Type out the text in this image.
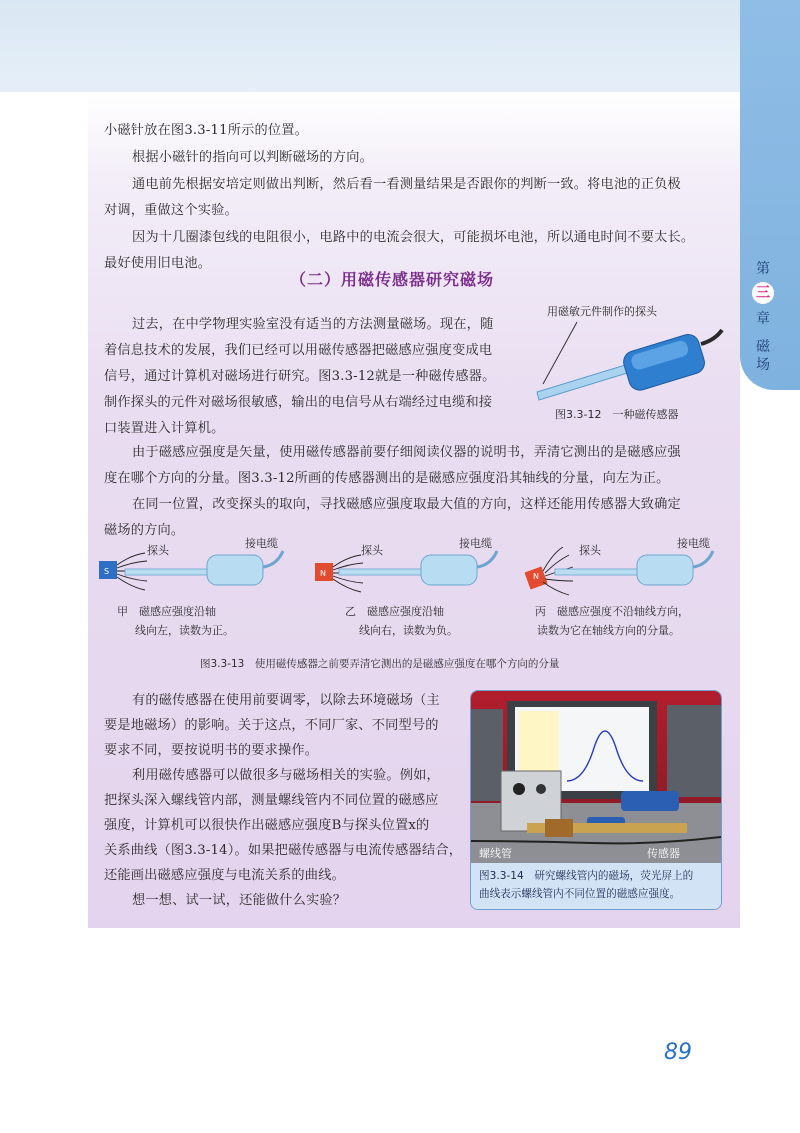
第
三
章
磁
场
小磁针放在图3.3-11所示的位置。
根据小磁针的指向可以判断磁场的方向。
通电前先根据安培定则做出判断，然后看一看测量结果是否跟你的判断一致。将电池的正负极
对调，重做这个实验。
因为十几圈漆包线的电阻很小，电路中的电流会很大，可能损坏电池，所以通电时间不要太长。
最好使用旧电池。
（二）用磁传感器研究磁场
过去，在中学物理实验室没有适当的方法测量磁场。现在，随
着信息技术的发展，我们已经可以用磁传感器把磁感应强度变成电
信号，通过计算机对磁场进行研究。图3.3-12就是一种磁传感器。
制作探头的元件对磁场很敏感，输出的电信号从右端经过电缆和接
口装置进入计算机。
用磁敏元件制作的探头
图3.3-12　一种磁传感器
由于磁感应强度是矢量，使用磁传感器前要仔细阅读仪器的说明书，弄清它测出的是磁感应强
度在哪个方向的分量。图3.3-12所画的传感器测出的是磁感应强度沿其轴线的分量，向左为正。
在同一位置，改变探头的取向，寻找磁感应强度取最大值的方向，这样还能用传感器大致确定
磁场的方向。
探头
接电缆
S
甲　磁感应强度沿轴
线向左，读数为正。
探头
接电缆
N
乙　磁感应强度沿轴
线向右，读数为负。
探头
接电缆
N
丙　磁感应强度不沿轴线方向，
读数为它在轴线方向的分量。
图3.3-13　使用磁传感器之前要弄清它测出的是磁感应强度在哪个方向的分量
有的磁传感器在使用前要调零，以除去环境磁场（主
要是地磁场）的影响。关于这点，不同厂家、不同型号的
要求不同，要按说明书的要求操作。
利用磁传感器可以做很多与磁场相关的实验。例如，
把探头深入螺线管内部，测量螺线管内不同位置的磁感应
强度，计算机可以很快作出磁感应强度B与探头位置x的
关系曲线（图3.3-14）。如果把磁传感器与电流传感器结合，
还能画出磁感应强度与电流关系的曲线。
想一想、试一试，还能做什么实验？
螺线管	传感器
图3.3-14　研究螺线管内的磁场，荧光屏上的
曲线表示螺线管内不同位置的磁感应强度。
89
